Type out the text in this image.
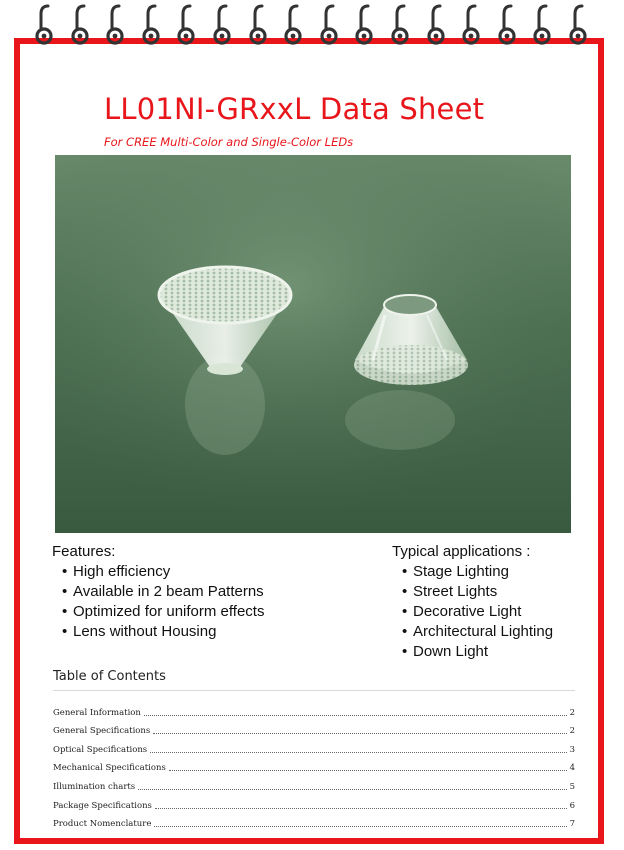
LL01NI-GRxxL Data Sheet
For CREE Multi-Color and Single-Color LEDs
Features:
• High efficiency
• Available in 2 beam Patterns
• Optimized for uniform effects
• Lens without Housing
Typical applications :
• Stage Lighting
• Street Lights
• Decorative Light
• Architectural Lighting
• Down Light
Table of Contents
General Information	2
General Specifications	2
Optical Specifications	3
Mechanical Specifications	4
Illumination charts	5
Package Specifications	6
Product Nomenclature	7
